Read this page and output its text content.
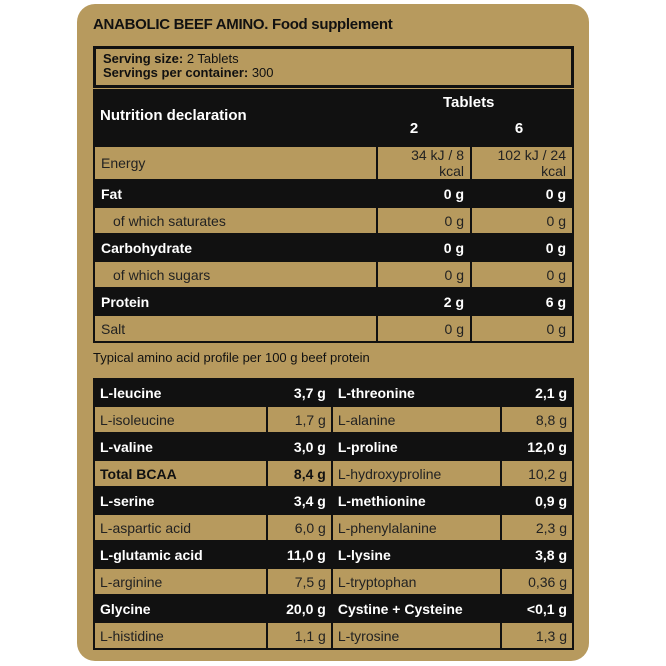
ANABOLIC BEEF AMINO. Food supplement
Serving size: 2 Tablets
Servings per container: 300
Nutrition declaration
Tablets
2	6
Energy	34 kJ / 8 kcal	102 kJ / 24 kcal
Fat	0 g	0 g
of which saturates	0 g	0 g
Carbohydrate	0 g	0 g
of which sugars	0 g	0 g
Protein	2 g	6 g
Salt	0 g	0 g
Typical amino acid profile per 100 g beef protein
L-leucine	3,7 g	L-threonine	2,1 g
L-isoleucine	1,7 g	L-alanine	8,8 g
L-valine	3,0 g	L-proline	12,0 g
Total BCAA	8,4 g	L-hydroxyproline	10,2 g
L-serine	3,4 g	L-methionine	0,9 g
L-aspartic acid	6,0 g	L-phenylalanine	2,3 g
L-glutamic acid	11,0 g	L-lysine	3,8 g
L-arginine	7,5 g	L-tryptophan	0,36 g
Glycine	20,0 g	Cystine + Cysteine	<0,1 g
L-histidine	1,1 g	L-tyrosine	1,3 g
